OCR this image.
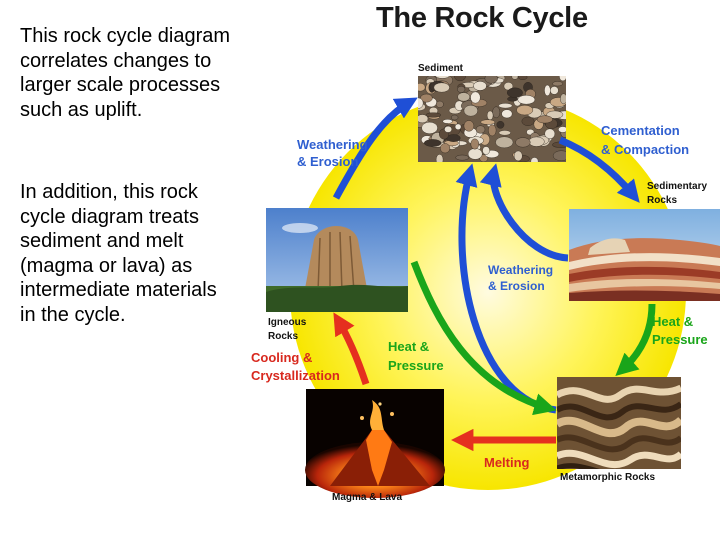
This rock cycle diagram correlates changes to larger scale processes such as uplift.

In addition, this rock cycle diagram treats sediment and melt (magma or lava) as intermediate materials in the cycle.

The Rock Cycle
Sediment
Sedimentary
Rocks
Metamorphic Rocks
Magma & Lava
Igneous
Rocks
Weathering
& Erosion
Cementation
& Compaction
Heat &
Pressure
Weathering
& Erosion
Heat &
Pressure
Cooling &
Crystallization
Melting
